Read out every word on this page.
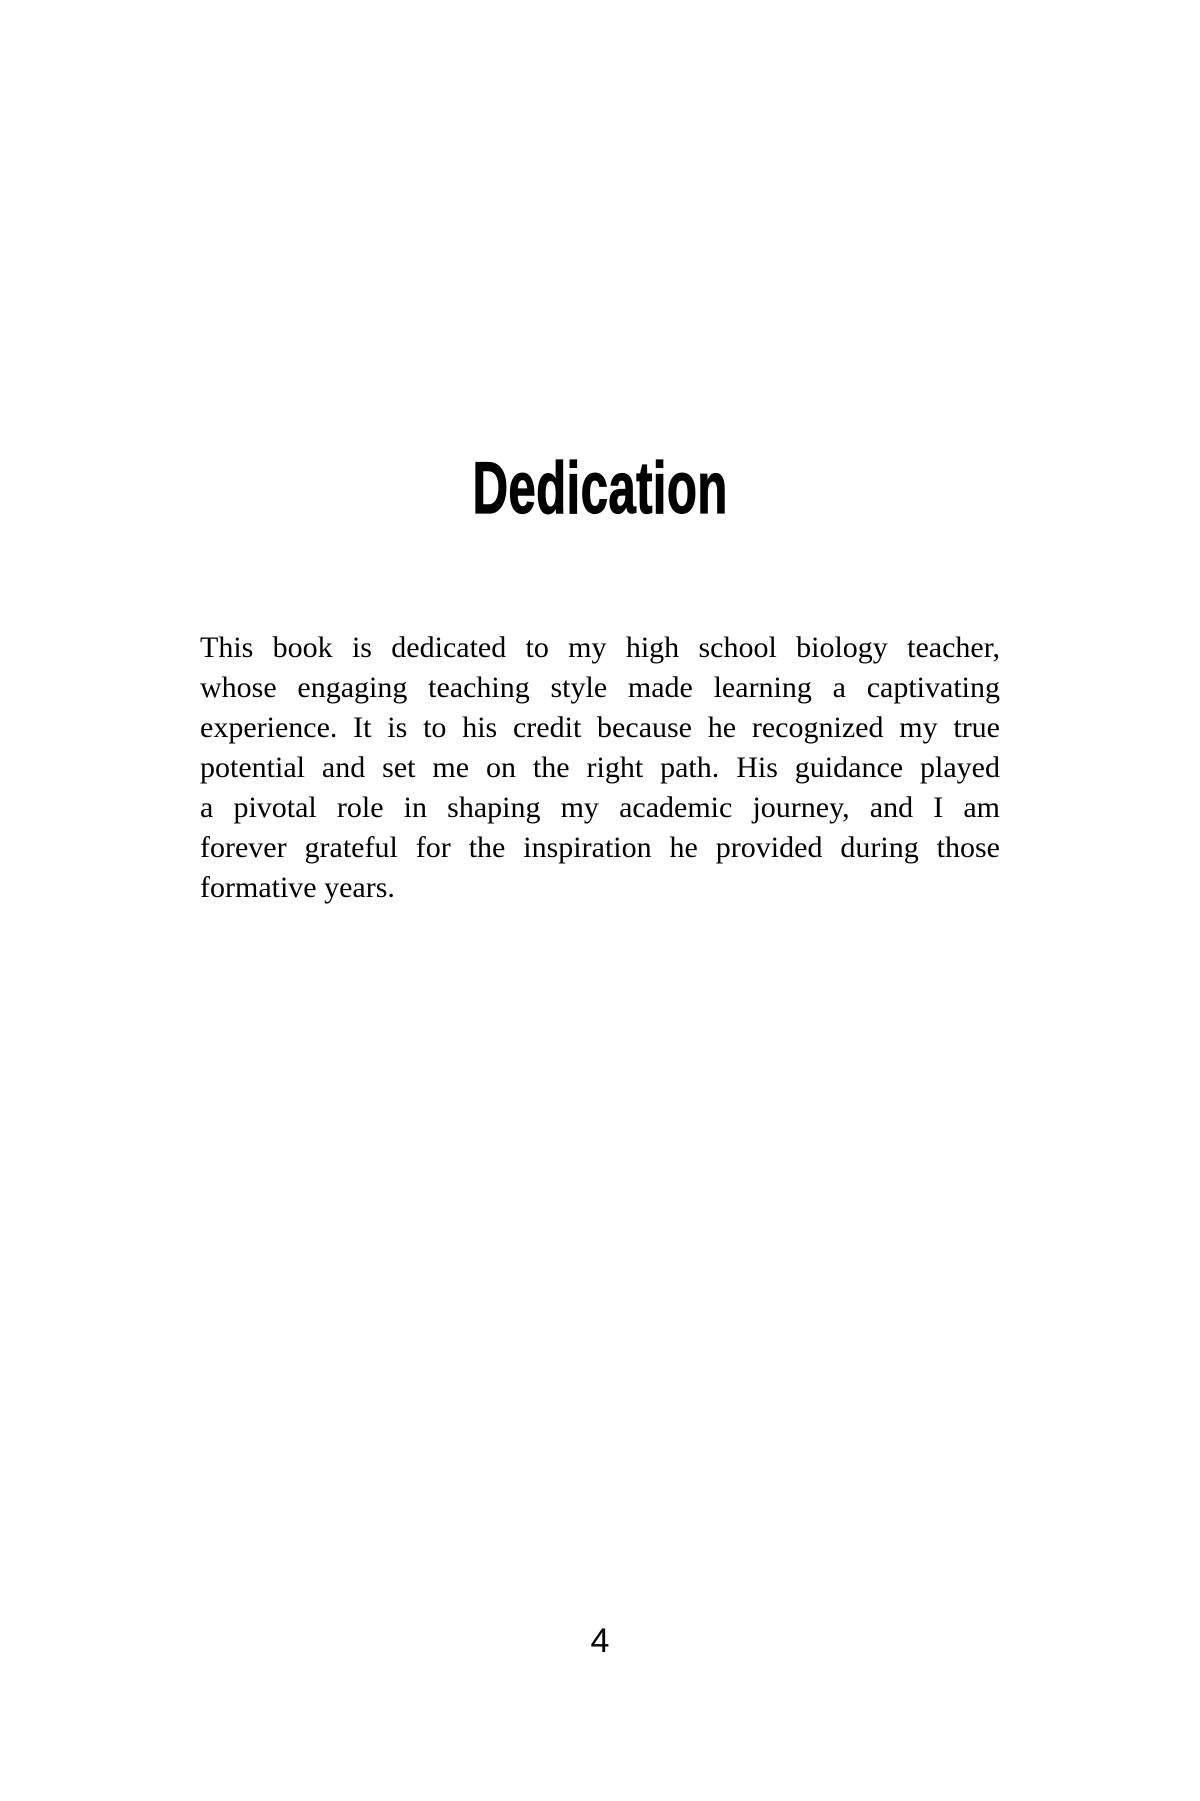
Dedication
This book is dedicated to my high school biology teacher,
whose engaging teaching style made learning a captivating
experience. It is to his credit because he recognized my true
potential and set me on the right path. His guidance played
a pivotal role in shaping my academic journey, and I am
forever grateful for the inspiration he provided during those
formative years.
4
